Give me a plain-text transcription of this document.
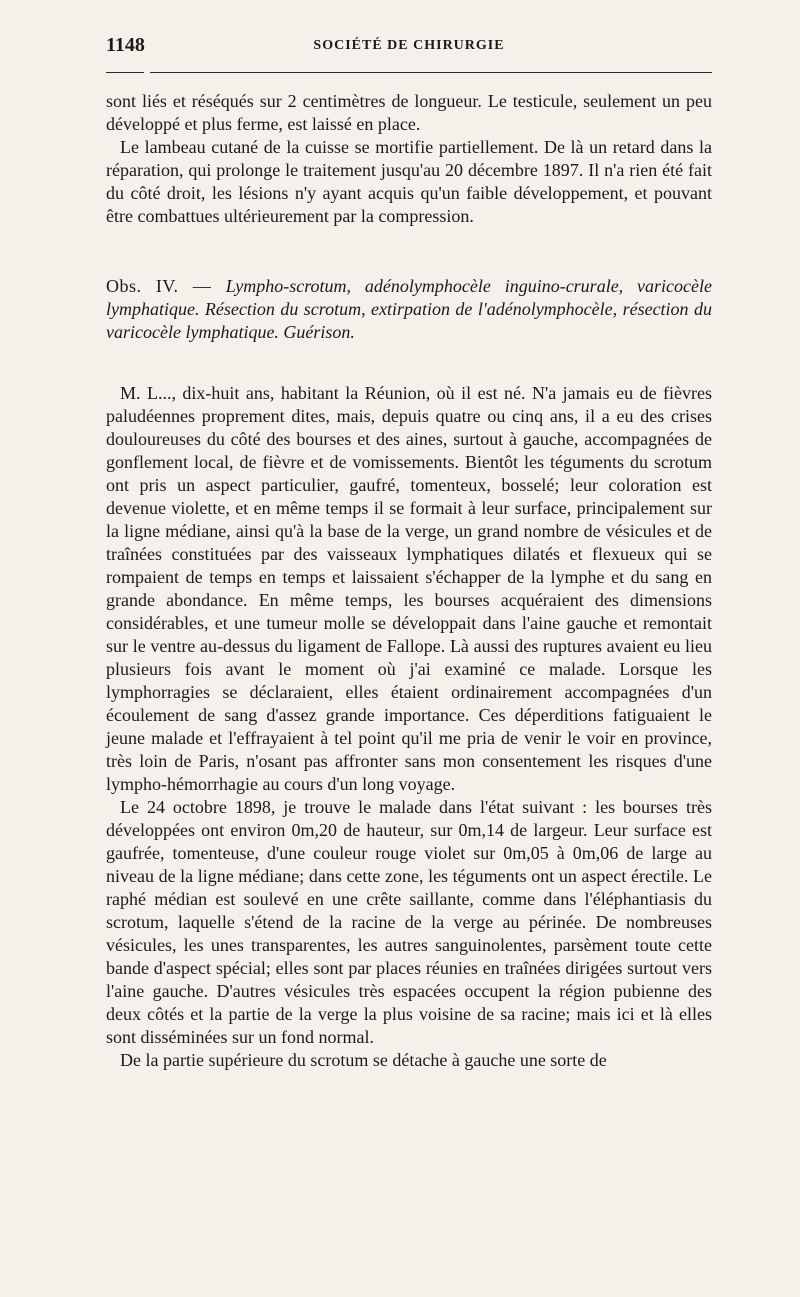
1148	SOCIÉTÉ DE CHIRURGIE

sont liés et réséqués sur 2 centimètres de longueur. Le testicule, seulement un peu développé et plus ferme, est laissé en place.

Le lambeau cutané de la cuisse se mortifie partiellement. De là un retard dans la réparation, qui prolonge le traitement jusqu'au 20 décembre 1897. Il n'a rien été fait du côté droit, les lésions n'y ayant acquis qu'un faible développement, et pouvant être combattues ultérieurement par la compression.

Obs. IV. — Lympho-scrotum, adénolymphocèle inguino-crurale, varicocèle lymphatique. Résection du scrotum, extirpation de l'adénolymphocèle, résection du varicocèle lymphatique. Guérison.

M. L..., dix-huit ans, habitant la Réunion, où il est né. N'a jamais eu de fièvres paludéennes proprement dites, mais, depuis quatre ou cinq ans, il a eu des crises douloureuses du côté des bourses et des aines, surtout à gauche, accompagnées de gonflement local, de fièvre et de vomissements. Bientôt les téguments du scrotum ont pris un aspect particulier, gaufré, tomenteux, bosselé; leur coloration est devenue violette, et en même temps il se formait à leur surface, principalement sur la ligne médiane, ainsi qu'à la base de la verge, un grand nombre de vésicules et de traînées constituées par des vaisseaux lymphatiques dilatés et flexueux qui se rompaient de temps en temps et laissaient s'échapper de la lymphe et du sang en grande abondance. En même temps, les bourses acquéraient des dimensions considérables, et une tumeur molle se développait dans l'aine gauche et remontait sur le ventre au-dessus du ligament de Fallope. Là aussi des ruptures avaient eu lieu plusieurs fois avant le moment où j'ai examiné ce malade. Lorsque les lymphorragies se déclaraient, elles étaient ordinairement accompagnées d'un écoulement de sang d'assez grande importance. Ces déperditions fatiguaient le jeune malade et l'effrayaient à tel point qu'il me pria de venir le voir en province, très loin de Paris, n'osant pas affronter sans mon consentement les risques d'une lympho-hémorrhagie au cours d'un long voyage.

Le 24 octobre 1898, je trouve le malade dans l'état suivant : les bourses très développées ont environ 0m,20 de hauteur, sur 0m,14 de largeur. Leur surface est gaufrée, tomenteuse, d'une couleur rouge violet sur 0m,05 à 0m,06 de large au niveau de la ligne médiane; dans cette zone, les téguments ont un aspect érectile. Le raphé médian est soulevé en une crête saillante, comme dans l'éléphantiasis du scrotum, laquelle s'étend de la racine de la verge au périnée. De nombreuses vésicules, les unes transparentes, les autres sanguinolentes, parsèment toute cette bande d'aspect spécial; elles sont par places réunies en traînées dirigées surtout vers l'aine gauche. D'autres vésicules très espacées occupent la région pubienne des deux côtés et la partie de la verge la plus voisine de sa racine; mais ici et là elles sont disséminées sur un fond normal.

De la partie supérieure du scrotum se détache à gauche une sorte de
